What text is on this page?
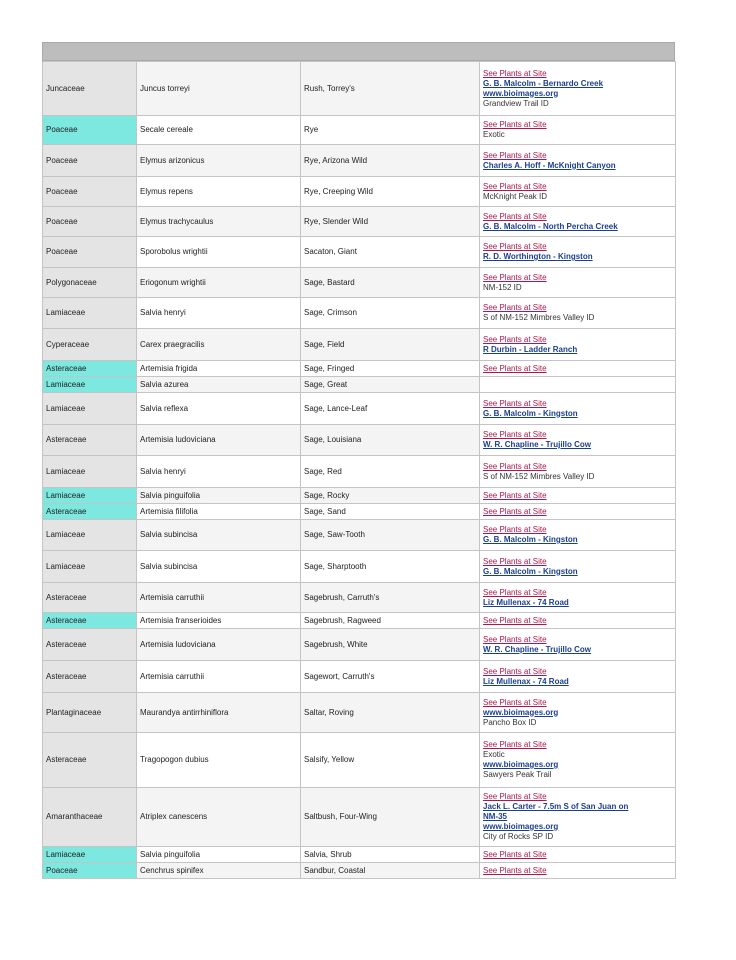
Juncaceae	Juncus torreyi	Rush, Torrey's	See Plants at Site
G. B. Malcolm - Bernardo Creek
www.bioimages.org
Grandview Trail ID

Poaceae	Secale cereale	Rye	See Plants at Site
Exotic

Poaceae	Elymus arizonicus	Rye, Arizona Wild	See Plants at Site
Charles A. Hoff - McKnight Canyon

Poaceae	Elymus repens	Rye, Creeping Wild	See Plants at Site
McKnight Peak ID

Poaceae	Elymus trachycaulus	Rye, Slender Wild	See Plants at Site
G. B. Malcolm - North Percha Creek

Poaceae	Sporobolus wrightii	Sacaton, Giant	See Plants at Site
R. D. Worthington - Kingston

Polygonaceae	Eriogonum wrightii	Sage, Bastard	See Plants at Site
NM-152 ID

Lamiaceae	Salvia henryi	Sage, Crimson	See Plants at Site
S of NM-152 Mimbres Valley ID

Cyperaceae	Carex praegracilis	Sage, Field	See Plants at Site
R Durbin - Ladder Ranch

Asteraceae	Artemisia frigida	Sage, Fringed	See Plants at Site

Lamiaceae	Salvia azurea	Sage, Great	
Lamiaceae	Salvia reflexa	Sage, Lance-Leaf	See Plants at Site
G. B. Malcolm - Kingston

Asteraceae	Artemisia ludoviciana	Sage, Louisiana	See Plants at Site
W. R. Chapline - Trujillo Cow

Lamiaceae	Salvia henryi	Sage, Red	See Plants at Site
S of NM-152 Mimbres Valley ID

Lamiaceae	Salvia pinguifolia	Sage, Rocky	See Plants at Site

Asteraceae	Artemisia filifolia	Sage, Sand	See Plants at Site

Lamiaceae	Salvia subincisa	Sage, Saw-Tooth	See Plants at Site
G. B. Malcolm - Kingston

Lamiaceae	Salvia subincisa	Sage, Sharptooth	See Plants at Site
G. B. Malcolm - Kingston

Asteraceae	Artemisia carruthii	Sagebrush, Carruth's	See Plants at Site
Liz Mullenax - 74 Road

Asteraceae	Artemisia franserioides	Sagebrush, Ragweed	See Plants at Site

Asteraceae	Artemisia ludoviciana	Sagebrush, White	See Plants at Site
W. R. Chapline - Trujillo Cow

Asteraceae	Artemisia carruthii	Sagewort, Carruth's	See Plants at Site
Liz Mullenax - 74 Road

Plantaginaceae	Maurandya antirrhiniflora	Saltar, Roving	See Plants at Site
www.bioimages.org
Pancho Box ID

Asteraceae	Tragopogon dubius	Salsify, Yellow	See Plants at Site
Exotic
www.bioimages.org
Sawyers Peak Trail

Amaranthaceae	Atriplex canescens	Saltbush, Four-Wing	See Plants at Site
Jack L. Carter - 7.5m S of San Juan on
NM-35
www.bioimages.org
City of Rocks SP ID

Lamiaceae	Salvia pinguifolia	Salvia, Shrub	See Plants at Site

Poaceae	Cenchrus spinifex	Sandbur, Coastal	See Plants at Site
